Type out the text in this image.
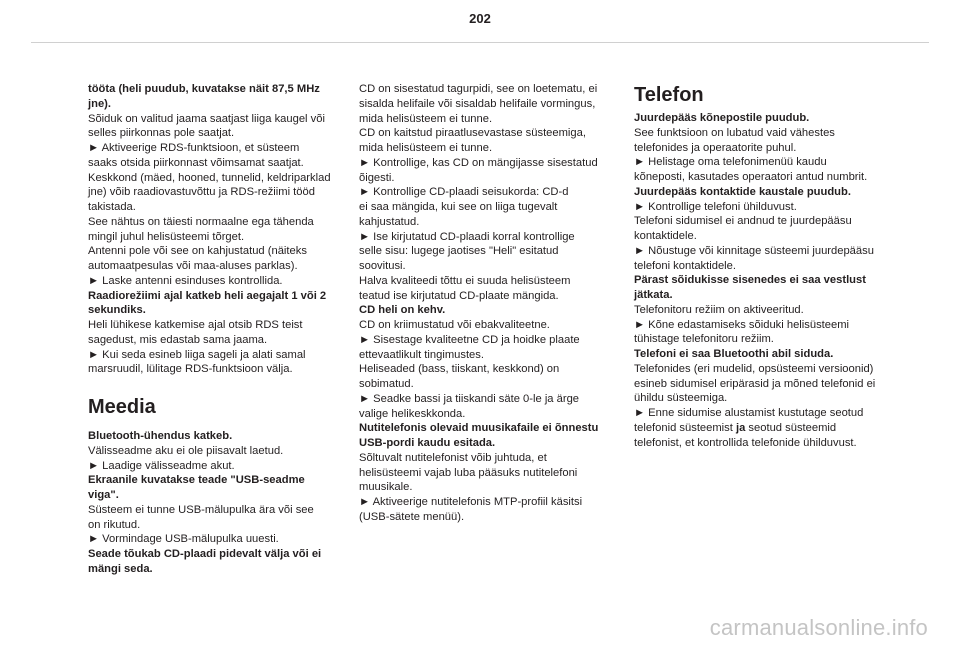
202

tööta (heli puudub, kuvatakse näit 87,5 MHz

jne).

Sõiduk on valitud jaama saatjast liiga kaugel või

selles piirkonnas pole saatjat.

► Aktiveerige RDS-funktsioon, et süsteem

saaks otsida piirkonnast võimsamat saatjat.

Keskkond (mäed, hooned, tunnelid, keldriparklad

jne) võib raadiovastuvõttu ja RDS-režiimi tööd

takistada.

See nähtus on täiesti normaalne ega tähenda

mingil juhul helisüsteemi tõrget.

Antenni pole või see on kahjustatud (näiteks

automaatpesulas või maa-aluses parklas).

► Laske antenni esinduses kontrollida.

Raadiorežiimi ajal katkeb heli aegajalt 1 või 2

sekundiks.

Heli lühikese katkemise ajal otsib RDS teist

sagedust, mis edastab sama jaama.

► Kui seda esineb liiga sageli ja alati samal

marsruudil, lülitage RDS-funktsioon välja.

Meedia

Bluetooth-ühendus katkeb.

Välisseadme aku ei ole piisavalt laetud.

► Laadige välisseadme akut.

Ekraanile kuvatakse teade "USB-seadme

viga".

Süsteem ei tunne USB-mälupulka ära või see

on rikutud.

► Vormindage USB-mälupulka uuesti.

Seade tõukab CD-plaadi pidevalt välja või ei

mängi seda.

CD on sisestatud tagurpidi, see on loetematu, ei

sisalda helifaile või sisaldab helifaile vormingus,

mida helisüsteem ei tunne.

CD on kaitstud piraatlusevastase süsteemiga,

mida helisüsteem ei tunne.

► Kontrollige, kas CD on mängijasse sisestatud

õigesti.

► Kontrollige CD-plaadi seisukorda: CD-d

ei saa mängida, kui see on liiga tugevalt

kahjustatud.

► Ise kirjutatud CD-plaadi korral kontrollige

selle sisu: lugege jaotises "Heli" esitatud

soovitusi.

Halva kvaliteedi tõttu ei suuda helisüsteem

teatud ise kirjutatud CD-plaate mängida.

CD heli on kehv.

CD on kriimustatud või ebakvaliteetne.

► Sisestage kvaliteetne CD ja hoidke plaate

ettevaatlikult tingimustes.

Heliseaded (bass, tiiskant, keskkond) on

sobimatud.

► Seadke bassi ja tiiskandi säte 0-le ja ärge

valige helikeskkonda.

Nutitelefonis olevaid muusikafaile ei õnnestu

USB-pordi kaudu esitada.

Sõltuvalt nutitelefonist võib juhtuda, et

helisüsteemi vajab luba pääsuks nutitelefoni

muusikale.

► Aktiveerige nutitelefonis MTP-profiil käsitsi

(USB-sätete menüü).

Telefon

Juurdepääs kõnepostile puudub.

See funktsioon on lubatud vaid vähestes

telefonides ja operaatorite puhul.

► Helistage oma telefonimenüü kaudu

kõneposti, kasutades operaatori antud numbrit.

Juurdepääs kontaktide kaustale puudub.

► Kontrollige telefoni ühilduvust.

Telefoni sidumisel ei andnud te juurdepääsu

kontaktidele.

► Nõustuge või kinnitage süsteemi juurdepääsu

telefoni kontaktidele.

Pärast sõidukisse sisenedes ei saa vestlust

jätkata.

Telefonitoru režiim on aktiveeritud.

► Kõne edastamiseks sõiduki helisüsteemi

tühistage telefonitoru režiim.

Telefoni ei saa Bluetoothi abil siduda.

Telefonides (eri mudelid, opsüsteemi versioonid)

esineb sidumisel eripärasid ja mõned telefonid ei

ühildu süsteemiga.

► Enne sidumise alustamist kustutage seotud

telefonid süsteemist ja seotud süsteemid

telefonist, et kontrollida telefonide ühilduvust.

carmanualsonline.info
